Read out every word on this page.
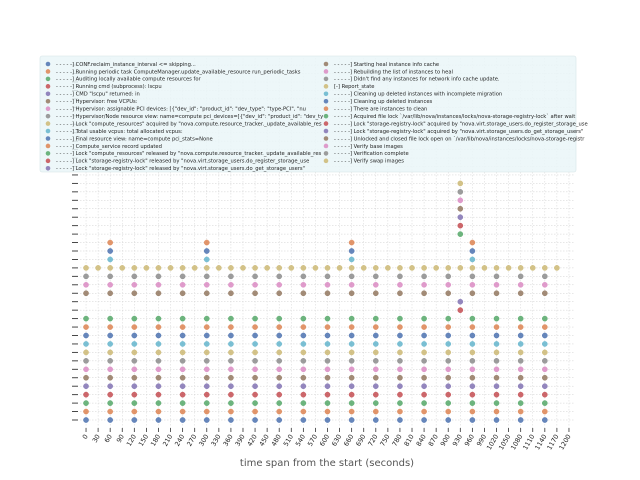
0 30 60 90
120
150
180
210
240
270
300
330
360
390
420
450
480
510
540
570
600
630
660
690
720
750
780
810
840
870
900
930
960
990
1020
1050
1080
1110
1140
1170
1200
time span from the start (seconds)
- - - - -] CONF.reclaim_instance_interval <= skipping...
- - - - -] Running periodic task ComputeManager.update_available_resource run_periodic_tasks
- - - - -] Auditing locally available compute resources for
- - - - -] Running cmd (subprocess): lscpu
- - - - -] CMD "lscpu" returned: in
- - - - -] Hypervisor: free VCPUs:
- - - - -] Hypervisor: assignable PCI devices: [{"dev_id": "product_id": "dev_type": "type-PCI", "nu
- - - - -] Hypervisor/Node resource view: name=compute pci_devices=[{"dev_id": "product_id": "dev_ty
- - - - -] Lock "compute_resources" acquired by "nova.compute.resource_tracker._update_available_res
- - - - -] Total usable vcpus: total allocated vcpus:
- - - - -] Final resource view: name=compute pci_stats=None
- - - - -] Compute_service record updated
- - - - -] Lock "compute_resources" released by "nova.compute.resource_tracker._update_available_res
- - - - -] Lock "storage-registry-lock" released by "nova.virt.storage_users.do_register_storage_use
- - - - -] Lock "storage-registry-lock" released by "nova.virt.storage_users.do_get_storage_users"
- - - - -] Starting heal instance info cache
- - - - -] Rebuilding the list of instances to heal
- - - - -] Didn't find any instances for network info cache update.
[-] Report_state
- - - - -] Cleaning up deleted instances with incomplete migration
- - - - -] Cleaning up deleted instances
- - - - -] There are instances to clean
- - - - -] Acquired file lock `/var/lib/nova/instances/locks/nova-storage-registry-lock` after wait
- - - - -] Lock "storage-registry-lock" acquired by "nova.virt.storage_users.do_register_storage_use
- - - - -] Lock "storage-registry-lock" acquired by "nova.virt.storage_users.do_get_storage_users"
- - - - -] Unlocked and closed file lock open on `/var/lib/nova/instances/locks/nova-storage-registr
- - - - -] Verify base images
- - - - -] Verification complete
- - - - -] Verify swap images
